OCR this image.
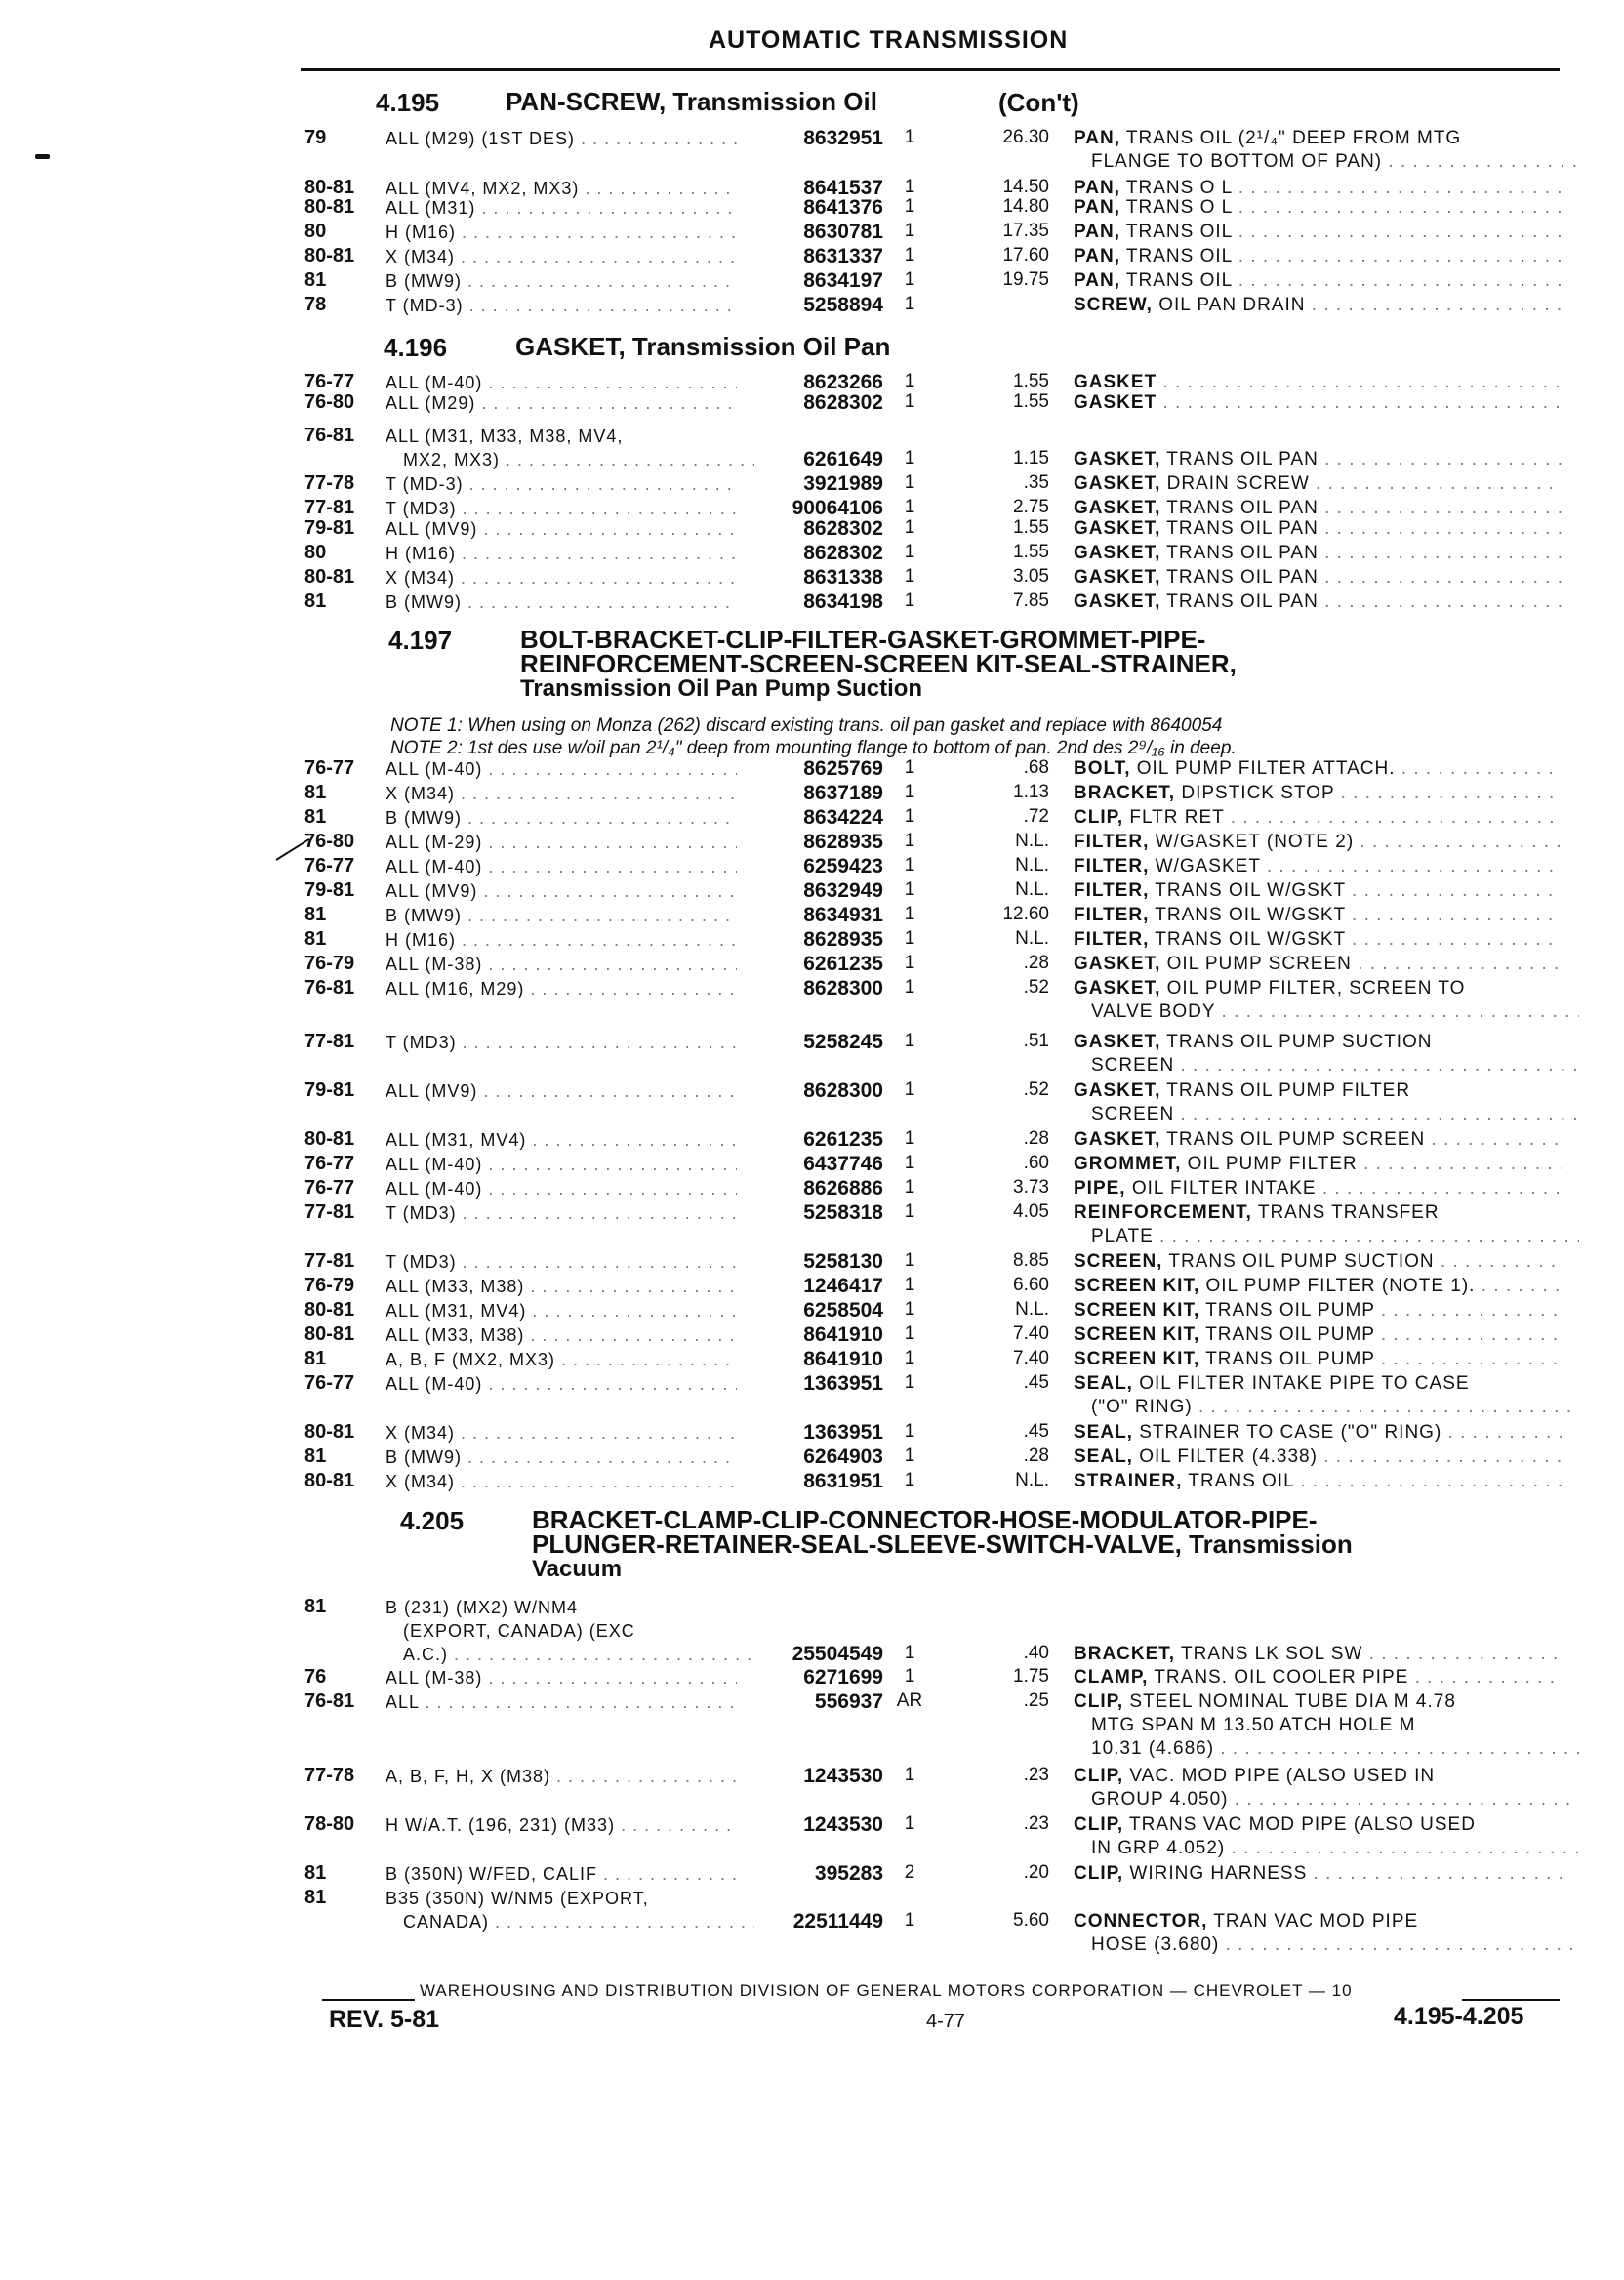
AUTOMATIC TRANSMISSION
4.195	PAN-SCREW, Transmission Oil	(Con't)
79	ALL (M29) (1ST DES) . . .	8632951	1	26.30 PAN, TRANS OIL (2¹/₄" DEEP FROM MTG
FLANGE TO BOTTOM OF PAN) . . .
80-81 ALL (MV4, MX2, MX3) . . .	8641537	1	14.50 PAN, TRANS O L . . .
80-81 ALL (M31) . . .	8641376	1	14.80 PAN, TRANS O L . . .
80	H (M16) . . .	8630781	1	17.35 PAN, TRANS OIL . . .
80-81 X (M34) . . .	8631337	1	17.60 PAN, TRANS OIL . . .
81	B (MW9) . . .	8634197	1	19.75 PAN, TRANS OIL . . .
78	T (MD-3) . . .	5258894	1	SCREW, OIL PAN DRAIN . . .
4.196	GASKET, Transmission Oil Pan
76-77 ALL (M-40) . . .	8623266	1	1.55 GASKET . . .
76-80 ALL (M29) . . .	8628302	1	1.55 GASKET . . .
76-81 ALL (M31, M33, M38, MV4,
MX2, MX3) . . .	6261649	1	1.15 GASKET, TRANS OIL PAN . . .
77-78 T (MD-3) . . .	3921989	1	.35 GASKET, DRAIN SCREW . . .
77-81 T (MD3) . . .	90064106	1	2.75 GASKET, TRANS OIL PAN . . .
79-81 ALL (MV9) . . .	8628302	1	1.55 GASKET, TRANS OIL PAN . . .
80	H (M16) . . .	8628302	1	1.55 GASKET, TRANS OIL PAN . . .
80-81 X (M34) . . .	8631338	1	3.05 GASKET, TRANS OIL PAN . . .
81	B (MW9) . . .	8634198	1	7.85 GASKET, TRANS OIL PAN . . .
4.197	BOLT-BRACKET-CLIP-FILTER-GASKET-GROMMET-PIPE-
REINFORCEMENT-SCREEN-SCREEN KIT-SEAL-STRAINER,
Transmission Oil Pan Pump Suction
NOTE 1: When using on Monza (262) discard existing trans. oil pan gasket and replace with 8640054
NOTE 2: 1st des use w/oil pan 2¹/₄" deep from mounting flange to bottom of pan. 2nd des 2⁹/₁₆ in deep.
76-77 ALL (M-40) . . .	8625769	1	.68 BOLT, OIL PUMP FILTER ATTACH. . . .
81	X (M34) . . .	8637189	1	1.13 BRACKET, DIPSTICK STOP . . .
81	B (MW9) . . .	8634224	1	.72 CLIP, FLTR RET . . .
76-80 ALL (M-29) . . .	8628935	1	N.L. FILTER, W/GASKET (NOTE 2) . . .
76-77 ALL (M-40) . . .	6259423	1	N.L. FILTER, W/GASKET . . .
79-81 ALL (MV9) . . .	8632949	1	N.L. FILTER, TRANS OIL W/GSKT . . .
81	B (MW9) . . .	8634931	1	12.60 FILTER, TRANS OIL W/GSKT . . .
81	H (M16) . . .	8628935	1	N.L. FILTER, TRANS OIL W/GSKT . . .
76-79 ALL (M-38) . . .	6261235	1	.28 GASKET, OIL PUMP SCREEN . . .
76-81 ALL (M16, M29) . . .	8628300	1	.52 GASKET, OIL PUMP FILTER, SCREEN TO
VALVE BODY . . .
77-81 T (MD3) . . .	5258245	1	.51 GASKET, TRANS OIL PUMP SUCTION
SCREEN . . .
79-81 ALL (MV9) . . .	8628300	1	.52 GASKET, TRANS OIL PUMP FILTER
SCREEN . . .
80-81 ALL (M31, MV4) . . .	6261235	1	.28 GASKET, TRANS OIL PUMP SCREEN . . .
76-77 ALL (M-40) . . .	6437746	1	.60 GROMMET, OIL PUMP FILTER . . .
76-77 ALL (M-40) . . .	8626886	1	3.73 PIPE, OIL FILTER INTAKE . . .
77-81 T (MD3) . . .	5258318	1	4.05 REINFORCEMENT, TRANS TRANSFER
PLATE . . .
77-81 T (MD3) . . .	5258130	1	8.85 SCREEN, TRANS OIL PUMP SUCTION . . .
76-79 ALL (M33, M38) . . .	1246417	1	6.60 SCREEN KIT, OIL PUMP FILTER (NOTE 1). . . .
80-81 ALL (M31, MV4) . . .	6258504	1	N.L. SCREEN KIT, TRANS OIL PUMP . . .
80-81 ALL (M33, M38) . . .	8641910	1	7.40 SCREEN KIT, TRANS OIL PUMP . . .
81	A, B, F (MX2, MX3) . . .	8641910	1	7.40 SCREEN KIT, TRANS OIL PUMP . . .
76-77 ALL (M-40) . . .	1363951	1	.45 SEAL, OIL FILTER INTAKE PIPE TO CASE
("O" RING) . . .
80-81 X (M34) . . .	1363951	1	.45 SEAL, STRAINER TO CASE ("O" RING) . . .
81	B (MW9) . . .	6264903	1	.28 SEAL, OIL FILTER (4.338) . . .
80-81 X (M34) . . .	8631951	1	N.L. STRAINER, TRANS OIL . . .
4.205	BRACKET-CLAMP-CLIP-CONNECTOR-HOSE-MODULATOR-PIPE-
PLUNGER-RETAINER-SEAL-SLEEVE-SWITCH-VALVE, Transmission
Vacuum
81	B (231) (MX2) W/NM4
(EXPORT, CANADA) (EXC
A.C.) . . .	25504549	1	.40 BRACKET, TRANS LK SOL SW . . .
76	ALL (M-38) . . .	6271699	1	1.75 CLAMP, TRANS. OIL COOLER PIPE . . .
76-81 ALL . . .	556937 AR	.25 CLIP, STEEL NOMINAL TUBE DIA M 4.78
MTG SPAN M 13.50 ATCH HOLE M
10.31 (4.686) . . .
77-78 A, B, F, H, X (M38) . . .	1243530	1	.23 CLIP, VAC. MOD PIPE (ALSO USED IN
GROUP 4.050) . . .
78-80 H W/A.T. (196, 231) (M33) . . .	1243530	1	.23 CLIP, TRANS VAC MOD PIPE (ALSO USED
IN GRP 4.052) . . .
81	B (350N) W/FED, CALIF . . .	395283	2	.20 CLIP, WIRING HARNESS . . .
81	B35 (350N) W/NM5 (EXPORT,
CANADA) . . .	22511449	1	5.60 CONNECTOR, TRAN VAC MOD PIPE
HOSE (3.680) . . .
WAREHOUSING AND DISTRIBUTION DIVISION OF GENERAL MOTORS CORPORATION — CHEVROLET — 10
REV. 5-81	4-77	4.195-4.205
